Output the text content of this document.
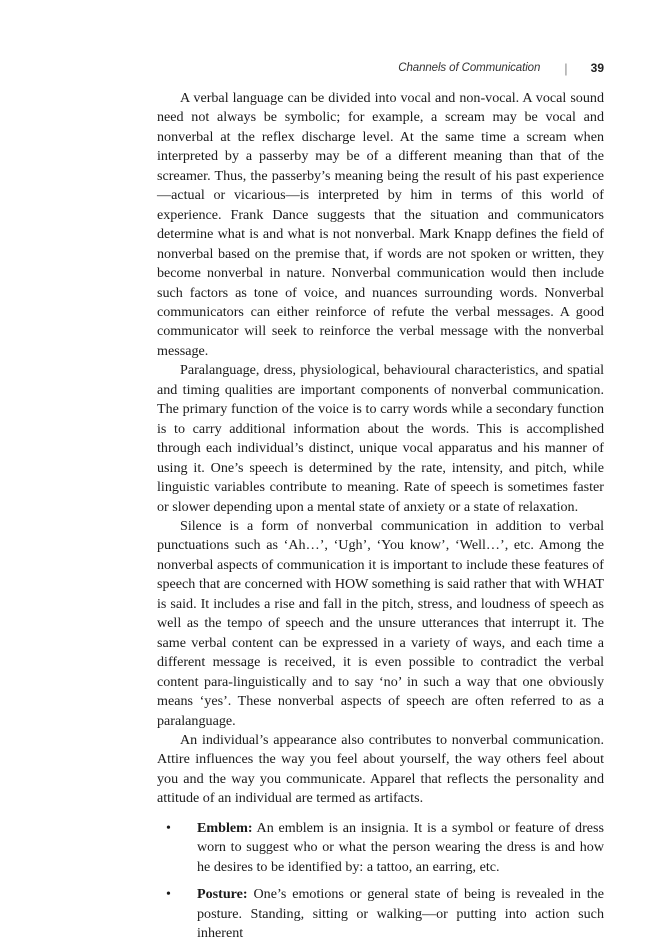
Channels of Communication | 39

A verbal language can be divided into vocal and non-vocal. A vocal sound need not always be symbolic; for example, a scream may be vocal and nonverbal at the reflex discharge level. At the same time a scream when interpreted by a passerby may be of a different meaning than that of the screamer. Thus, the passerby’s meaning being the result of his past experience—actual or vicarious—is interpreted by him in terms of this world of experience. Frank Dance suggests that the situation and communicators determine what is and what is not nonverbal. Mark Knapp defines the field of nonverbal based on the premise that, if words are not spoken or written, they become nonverbal in nature. Nonverbal communication would then include such factors as tone of voice, and nuances surrounding words. Nonverbal communicators can either reinforce of refute the verbal messages. A good communicator will seek to reinforce the verbal message with the nonverbal message.

Paralanguage, dress, physiological, behavioural characteristics, and spatial and timing qualities are important components of nonverbal communication. The primary function of the voice is to carry words while a secondary function is to carry additional information about the words. This is accomplished through each individual’s distinct, unique vocal apparatus and his manner of using it. One’s speech is determined by the rate, intensity, and pitch, while linguistic variables contribute to meaning. Rate of speech is sometimes faster or slower depending upon a mental state of anxiety or a state of relaxation.

Silence is a form of nonverbal communication in addition to verbal punctuations such as ‘Ah…’, ‘Ugh’, ‘You know’, ‘Well…’, etc. Among the nonverbal aspects of communication it is important to include these features of speech that are concerned with HOW something is said rather that with WHAT is said. It includes a rise and fall in the pitch, stress, and loudness of speech as well as the tempo of speech and the unsure utterances that interrupt it. The same verbal content can be expressed in a variety of ways, and each time a different message is received, it is even possible to contradict the verbal content para-linguistically and to say ‘no’ in such a way that one obviously means ‘yes’. These nonverbal aspects of speech are often referred to as a paralanguage.

An individual’s appearance also contributes to nonverbal communication. Attire influences the way you feel about yourself, the way others feel about you and the way you communicate. Apparel that reflects the personality and attitude of an individual are termed as artifacts.

• Emblem: An emblem is an insignia. It is a symbol or feature of dress worn to suggest who or what the person wearing the dress is and how he desires to be identified by: a tattoo, an earring, etc.
• Posture: One’s emotions or general state of being is revealed in the posture. Standing, sitting or walking—or putting into action such inherent
